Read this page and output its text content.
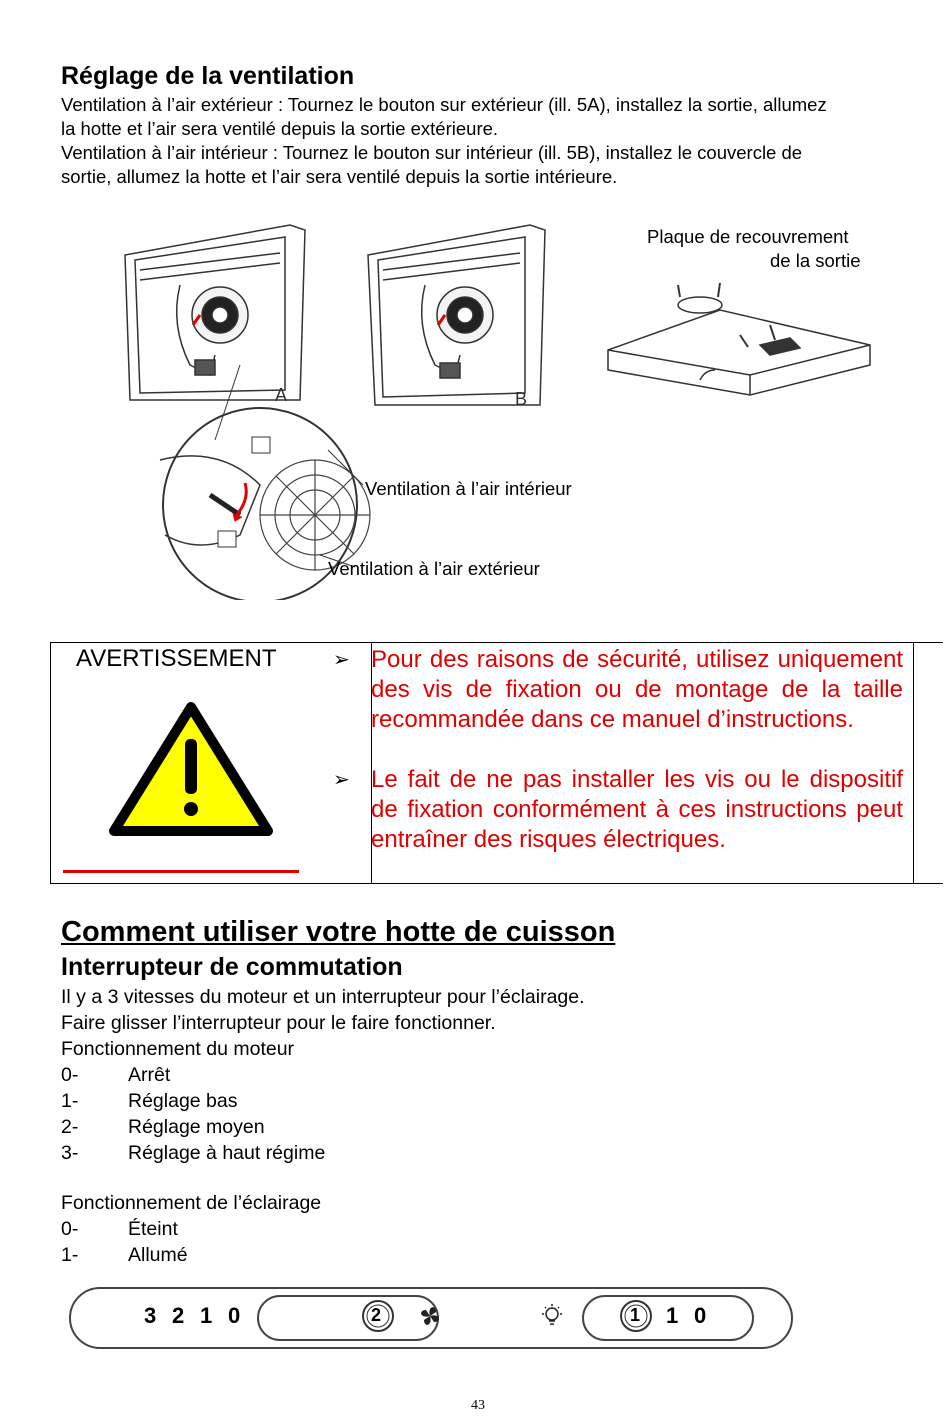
Réglage de la ventilation
Ventilation à l’air extérieur : Tournez le bouton sur extérieur (ill. 5A), installez la sortie, allumez
la hotte et l’air sera ventilé depuis la sortie extérieure.
Ventilation à l’air intérieur : Tournez le bouton sur intérieur (ill. 5B), installez le couvercle de
sortie, allumez la hotte et l’air sera ventilé depuis la sortie intérieure.
A	B
Plaque de recouvrement
de la sortie
Ventilation à l’air intérieur
Ventilation à l’air extérieur
AVERTISSEMENT	➢ Pour des raisons de sécurité, utilisez uniquement des vis de fixation ou de montage de la taille recommandée dans ce manuel d’instructions.
➢ Le fait de ne pas installer les vis ou le dispositif de fixation conformément à ces instructions peut entraîner des risques électriques.
Comment utiliser votre hotte de cuisson
Interrupteur de commutation
Il y a 3 vitesses du moteur et un interrupteur pour l’éclairage.
Faire glisser l’interrupteur pour le faire fonctionner.
Fonctionnement du moteur
0-	Arrêt
1-	Réglage bas
2-	Réglage moyen
3-	Réglage à haut régime
Fonctionnement de l’éclairage
0-	Éteint
1-	Allumé
3 2 1 0	2	1 1 0
43
